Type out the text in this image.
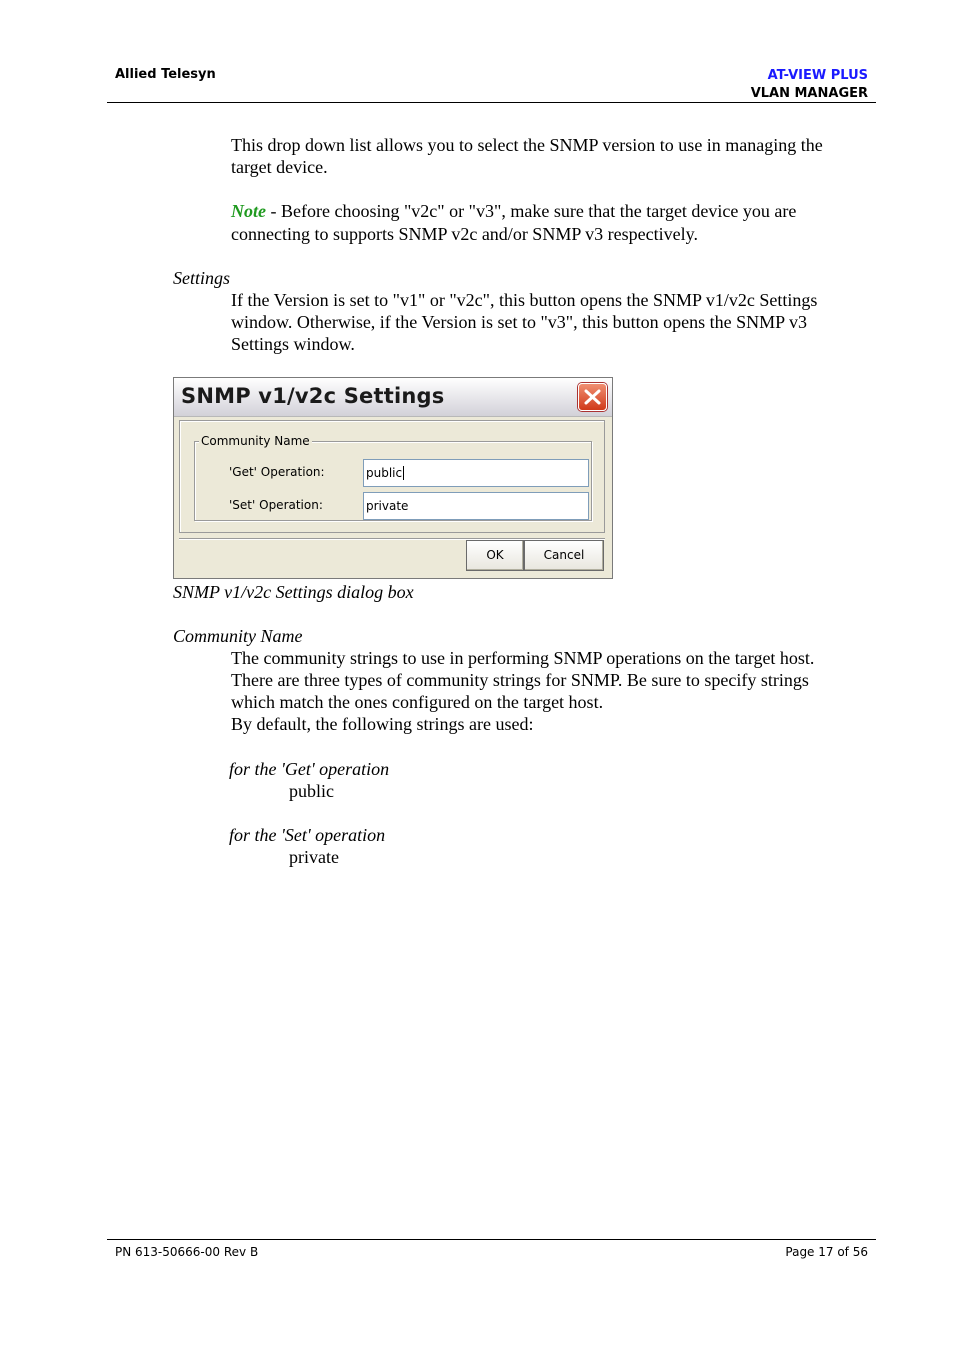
Allied Telesyn	AT-VIEW PLUS
VLAN MANAGER
This drop down list allows you to select the SNMP version to use in managing the
target device.
Note - Before choosing "v2c" or "v3", make sure that the target device you are
connecting to supports SNMP v2c and/or SNMP v3 respectively.
Settings
If the Version is set to "v1" or "v2c", this button opens the SNMP v1/v2c Settings
window. Otherwise, if the Version is set to "v3", this button opens the SNMP v3
Settings window.
SNMP v1/v2c Settings
Community Name
'Get' Operation:	public
'Set' Operation:	private
OK	Cancel
SNMP v1/v2c Settings dialog box
Community Name
The community strings to use in performing SNMP operations on the target host.
There are three types of community strings for SNMP. Be sure to specify strings
which match the ones configured on the target host.
By default, the following strings are used:
for the 'Get' operation
public
for the 'Set' operation
private
PN 613-50666-00 Rev B	Page 17 of 56
